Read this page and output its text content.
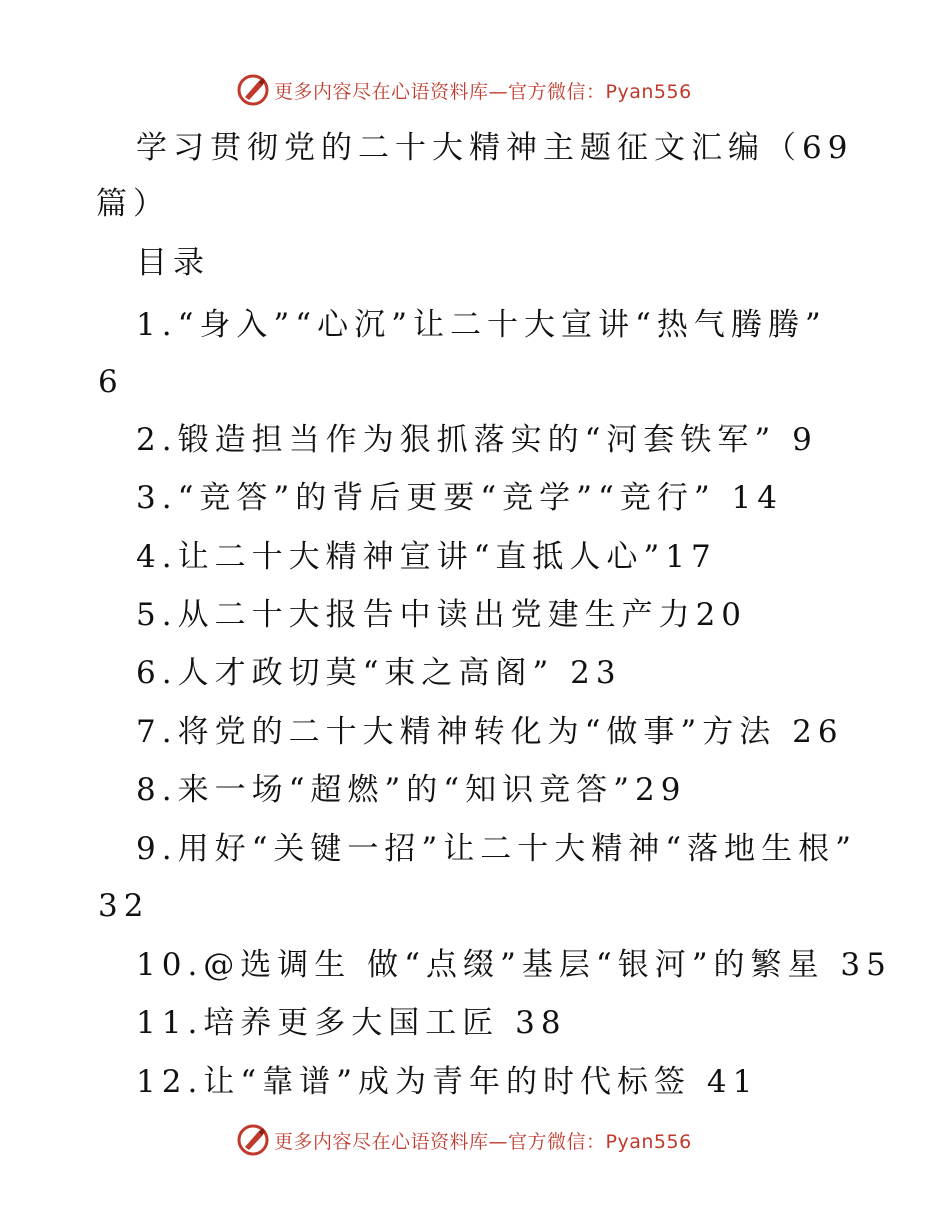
更多内容尽在心语资料库—官方微信：Pyan556
学习贯彻党的二十大精神主题征文汇编（69
篇）
目录
1.“身入”“心沉”让二十大宣讲“热气腾腾”
6
2.锻造担当作为狠抓落实的“河套铁军” 9
3.“竞答”的背后更要“竞学”“竞行” 14
4.让二十大精神宣讲“直抵人心”17
5.从二十大报告中读出党建生产力20
6.人才政切莫“束之高阁” 23
7.将党的二十大精神转化为“做事”方法 26
8.来一场“超燃”的“知识竞答”29
9.用好“关键一招”让二十大精神“落地生根”
32
10.@选调生 做“点缀”基层“银河”的繁星 35
11.培养更多大国工匠 38
12.让“靠谱”成为青年的时代标签 41
更多内容尽在心语资料库—官方微信：Pyan556
